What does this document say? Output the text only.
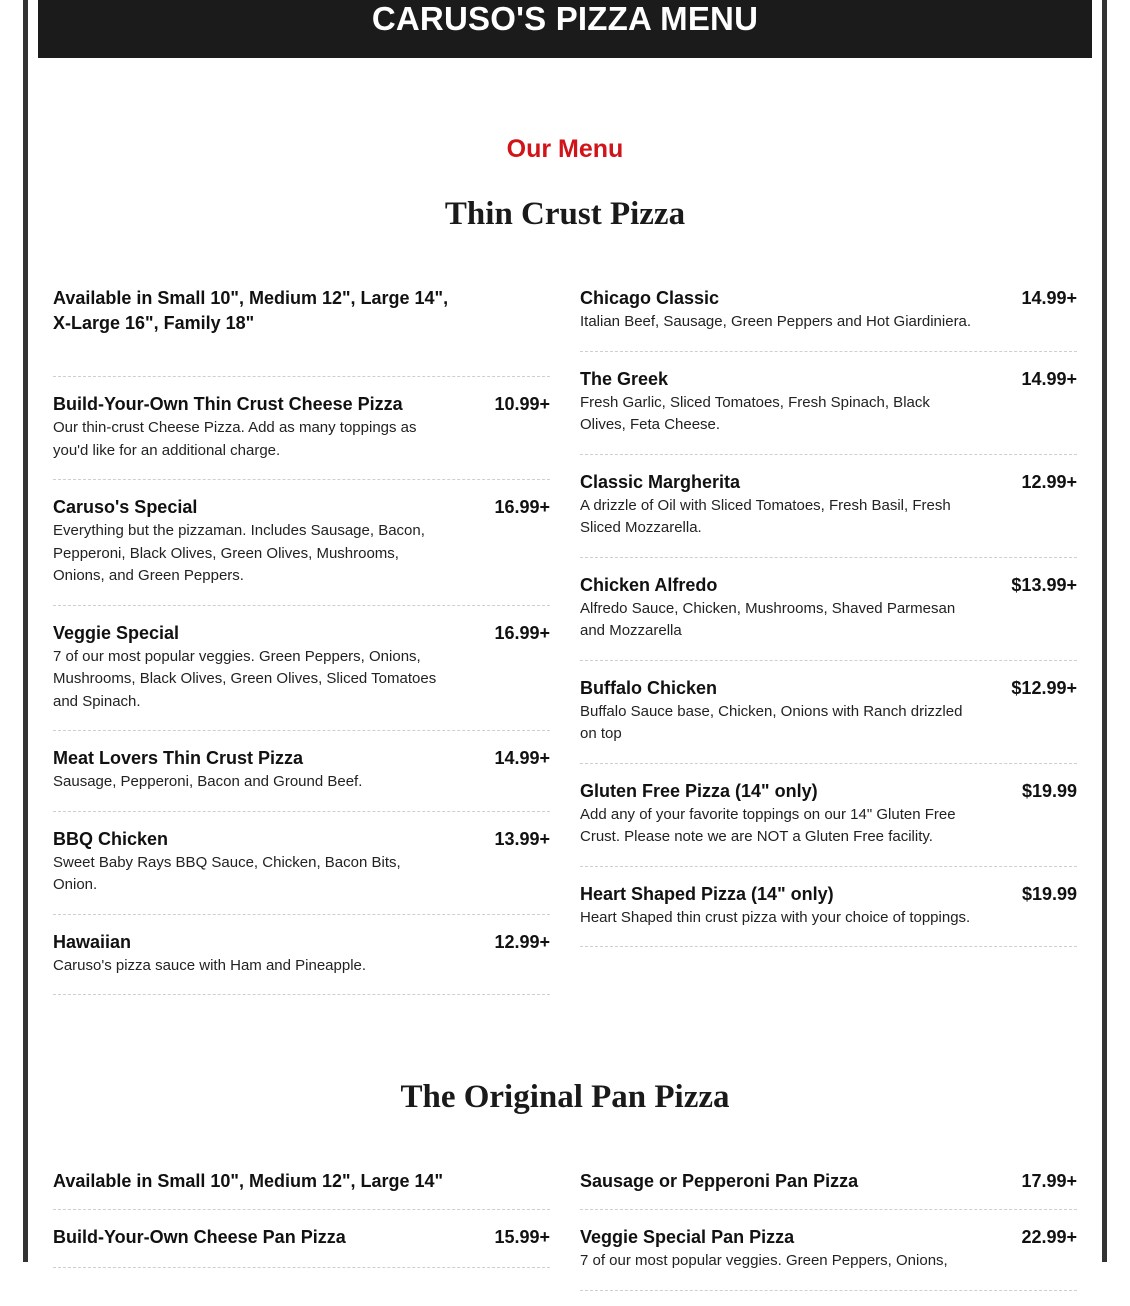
CARUSO'S PIZZA MENU
Our Menu
Thin Crust Pizza
Available in Small 10", Medium 12", Large 14", X-Large 16", Family 18"
Build-Your-Own Thin Crust Cheese Pizza	10.99+
Our thin-crust Cheese Pizza. Add as many toppings as you'd like for an additional charge.
Caruso's Special	16.99+
Everything but the pizzaman. Includes Sausage, Bacon, Pepperoni, Black Olives, Green Olives, Mushrooms, Onions, and Green Peppers.
Veggie Special	16.99+
7 of our most popular veggies. Green Peppers, Onions, Mushrooms, Black Olives, Green Olives, Sliced Tomatoes and Spinach.
Meat Lovers Thin Crust Pizza	14.99+
Sausage, Pepperoni, Bacon and Ground Beef.
BBQ Chicken	13.99+
Sweet Baby Rays BBQ Sauce, Chicken, Bacon Bits, Onion.
Hawaiian	12.99+
Caruso's pizza sauce with Ham and Pineapple.
Chicago Classic	14.99+
Italian Beef, Sausage, Green Peppers and Hot Giardiniera.
The Greek	14.99+
Fresh Garlic, Sliced Tomatoes, Fresh Spinach, Black Olives, Feta Cheese.
Classic Margherita	12.99+
A drizzle of Oil with Sliced Tomatoes, Fresh Basil, Fresh Sliced Mozzarella.
Chicken Alfredo	$13.99+
Alfredo Sauce, Chicken, Mushrooms, Shaved Parmesan and Mozzarella
Buffalo Chicken	$12.99+
Buffalo Sauce base, Chicken, Onions with Ranch drizzled on top
Gluten Free Pizza (14" only)	$19.99
Add any of your favorite toppings on our 14" Gluten Free Crust. Please note we are NOT a Gluten Free facility.
Heart Shaped Pizza (14" only)	$19.99
Heart Shaped thin crust pizza with your choice of toppings.
The Original Pan Pizza
Available in Small 10", Medium 12", Large 14"
Build-Your-Own Cheese Pan Pizza	15.99+
Sausage or Pepperoni Pan Pizza	17.99+
Veggie Special Pan Pizza	22.99+
7 of our most popular veggies. Green Peppers, Onions,
